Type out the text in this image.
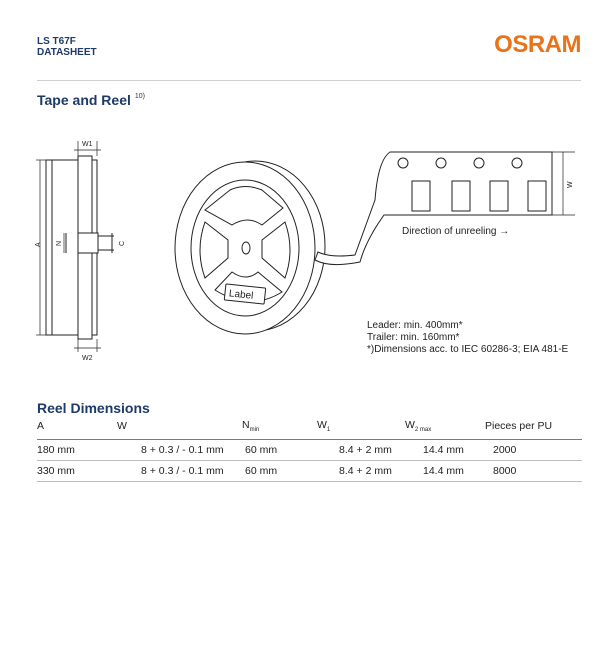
LS T67F
DATASHEET	OSRAM
Tape and Reel $^{10)}$
W1
W2
A N	C
W
Label
Direction of unreeling →
Leader: min. 400mm*
Trailer: min. 160mm*
*)Dimensions acc. to IEC 60286-3; EIA 481-E
Reel Dimensions
A	W	$N_{min}$	$W_1$	$W_{2 max}$	Pieces per PU
180 mm	8 + 0.3 / - 0.1 mm	60 mm	8.4 + 2 mm	14.4 mm	2000
330 mm	8 + 0.3 / - 0.1 mm	60 mm	8.4 + 2 mm	14.4 mm	8000
